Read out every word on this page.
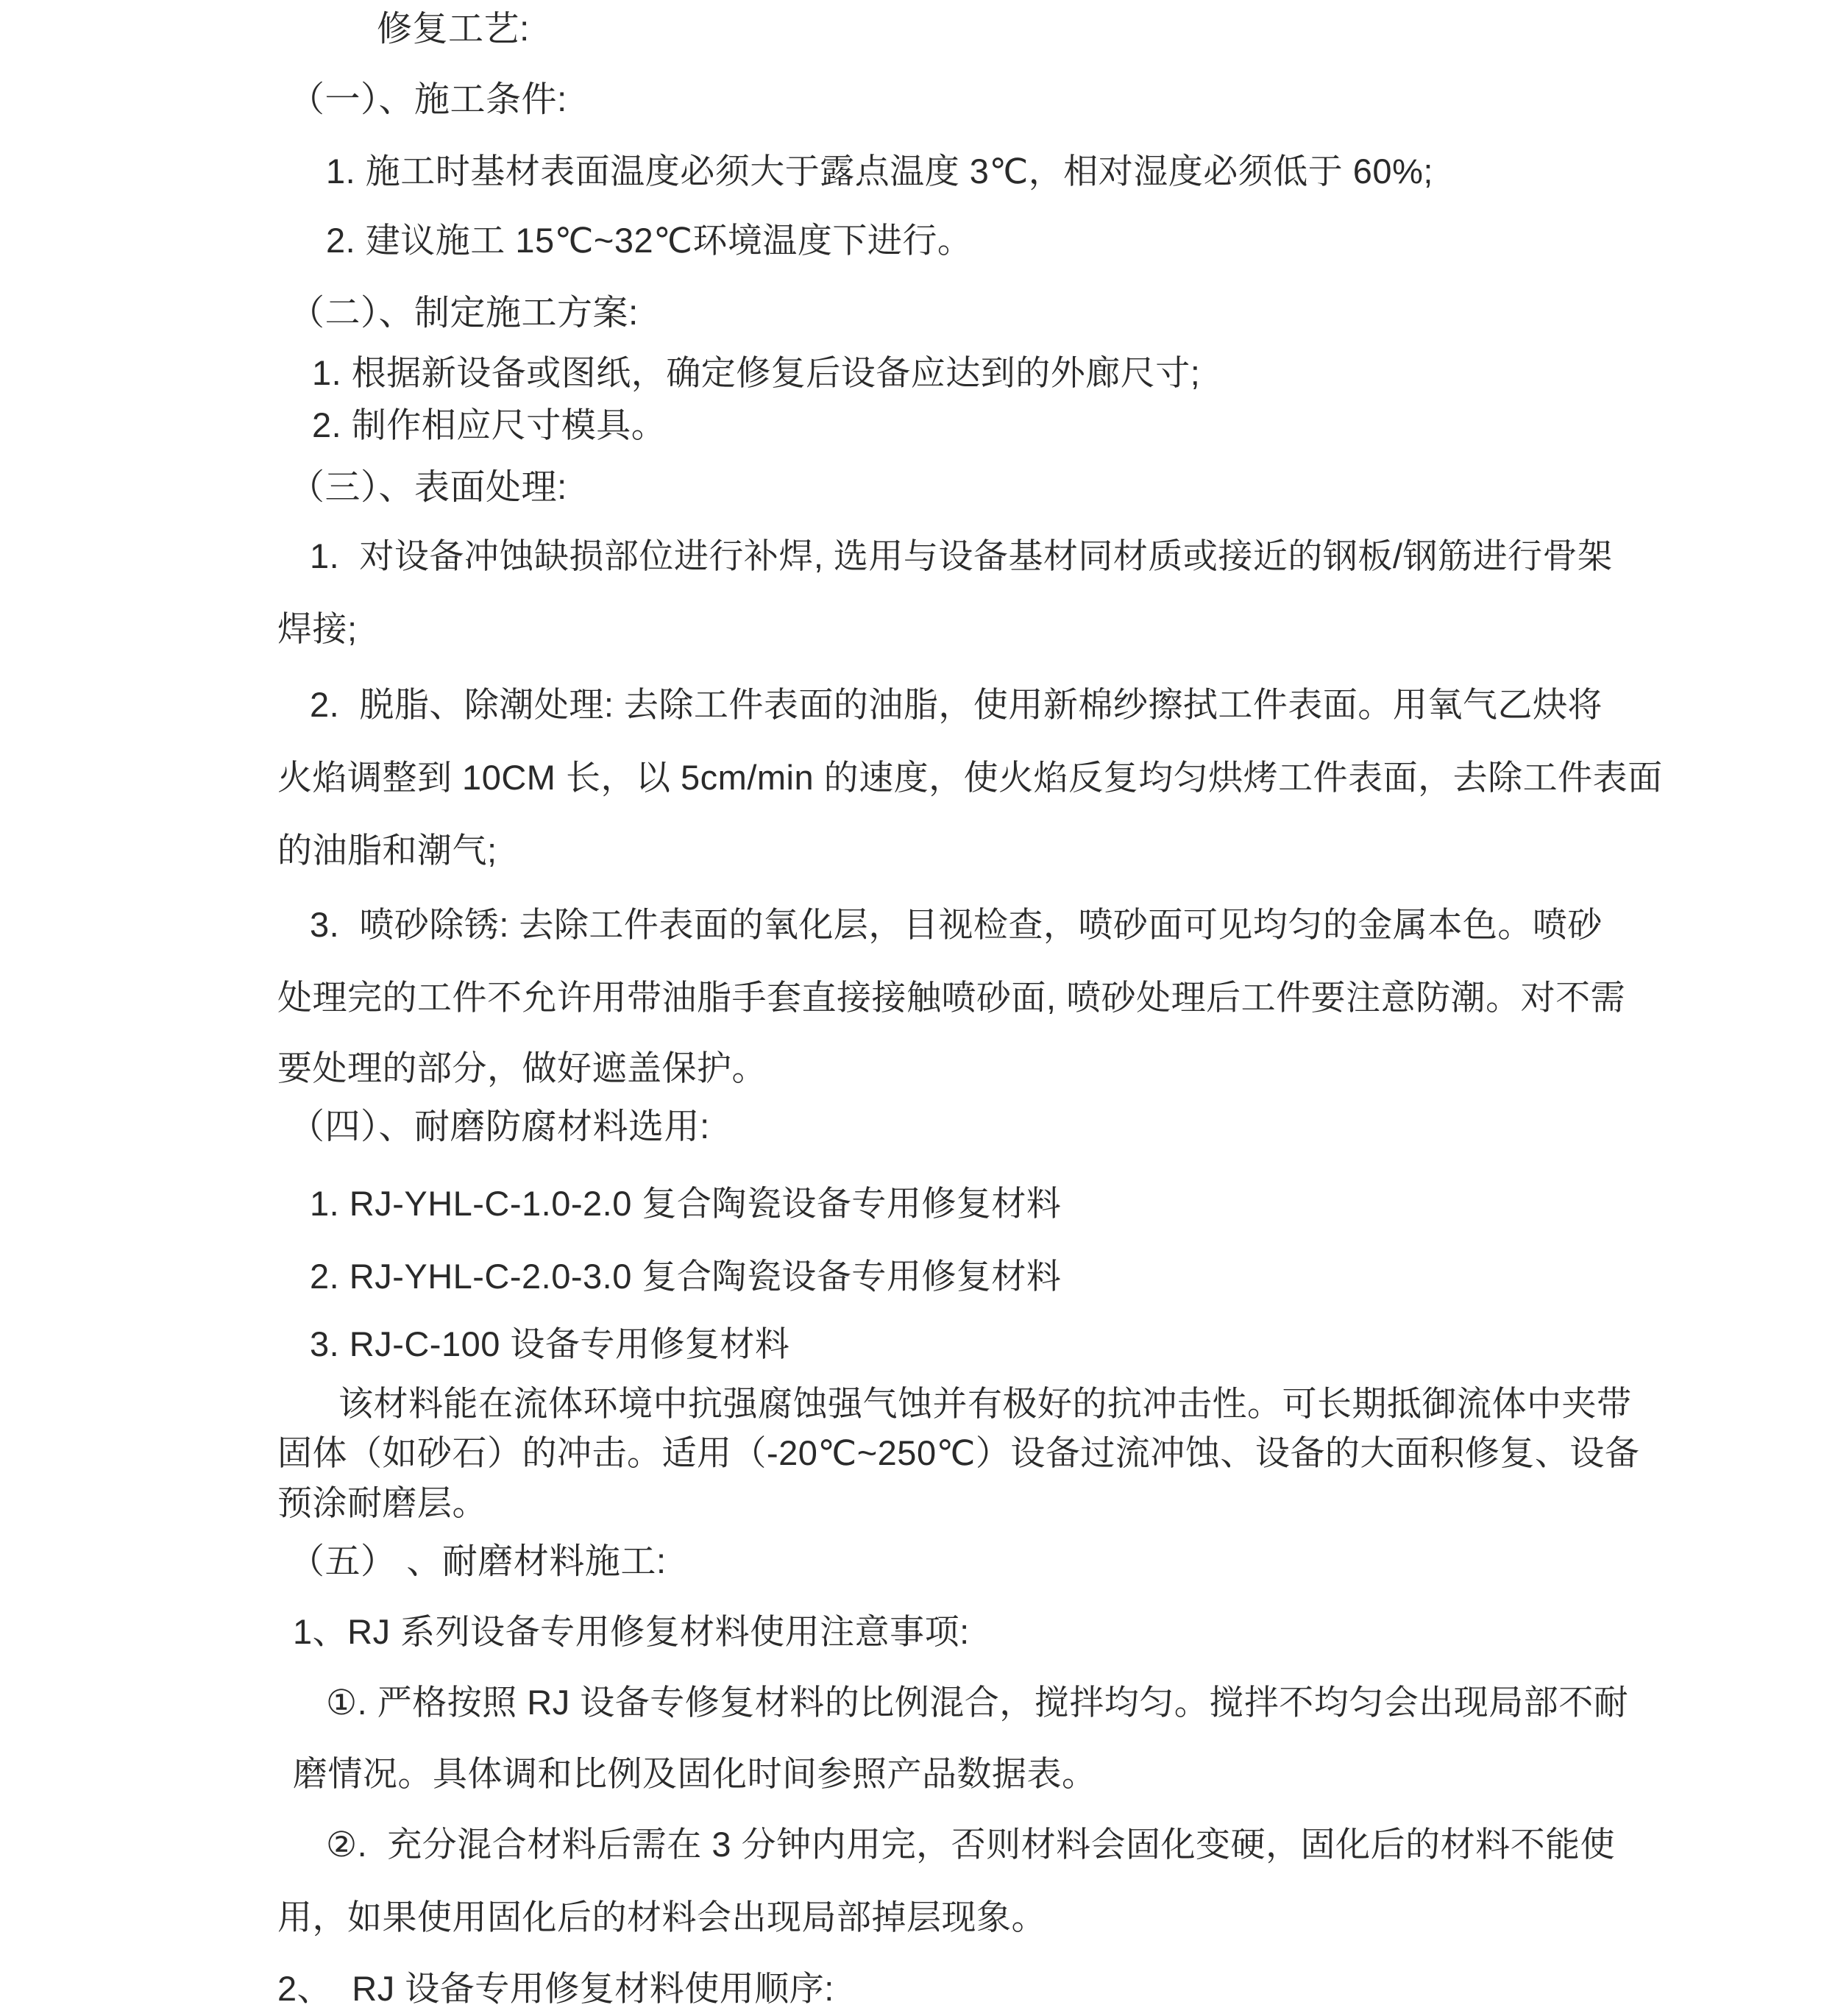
修复工艺:
（一）、施工条件:
1. 施工时基材表面温度必须大于露点温度 3℃，相对湿度必须低于 60%;
2. 建议施工 15℃~32℃环境温度下进行。
（二）、制定施工方案:
1. 根据新设备或图纸，确定修复后设备应达到的外廊尺寸;
2. 制作相应尺寸模具。
（三）、表面处理:
1.  对设备冲蚀缺损部位进行补焊, 选用与设备基材同材质或接近的钢板/钢筋进行骨架
焊接;
2.  脱脂、除潮处理: 去除工件表面的油脂，使用新棉纱擦拭工件表面。用氧气乙炔将
火焰调整到 10CM 长，以 5cm/min 的速度，使火焰反复均匀烘烤工件表面，去除工件表面
的油脂和潮气;
3.  喷砂除锈: 去除工件表面的氧化层，目视检查，喷砂面可见均匀的金属本色。喷砂
处理完的工件不允许用带油脂手套直接接触喷砂面, 喷砂处理后工件要注意防潮。对不需
要处理的部分，做好遮盖保护。
（四）、耐磨防腐材料选用:
1. RJ-YHL-C-1.0-2.0 复合陶瓷设备专用修复材料
2. RJ-YHL-C-2.0-3.0 复合陶瓷设备专用修复材料
3. RJ-C-100 设备专用修复材料
该材料能在流体环境中抗强腐蚀强气蚀并有极好的抗冲击性。可长期抵御流体中夹带
固体（如砂石）的冲击。适用（-20℃~250℃）设备过流冲蚀、设备的大面积修复、设备
预涂耐磨层。
（五） 、耐磨材料施工:
1、RJ 系列设备专用修复材料使用注意事项:
①. 严格按照 RJ 设备专修复材料的比例混合，搅拌均匀。搅拌不均匀会出现局部不耐
磨情况。具体调和比例及固化时间参照产品数据表。
②.  充分混合材料后需在 3 分钟内用完，否则材料会固化变硬，固化后的材料不能使
用，如果使用固化后的材料会出现局部掉层现象。
2、  RJ 设备专用修复材料使用顺序:
